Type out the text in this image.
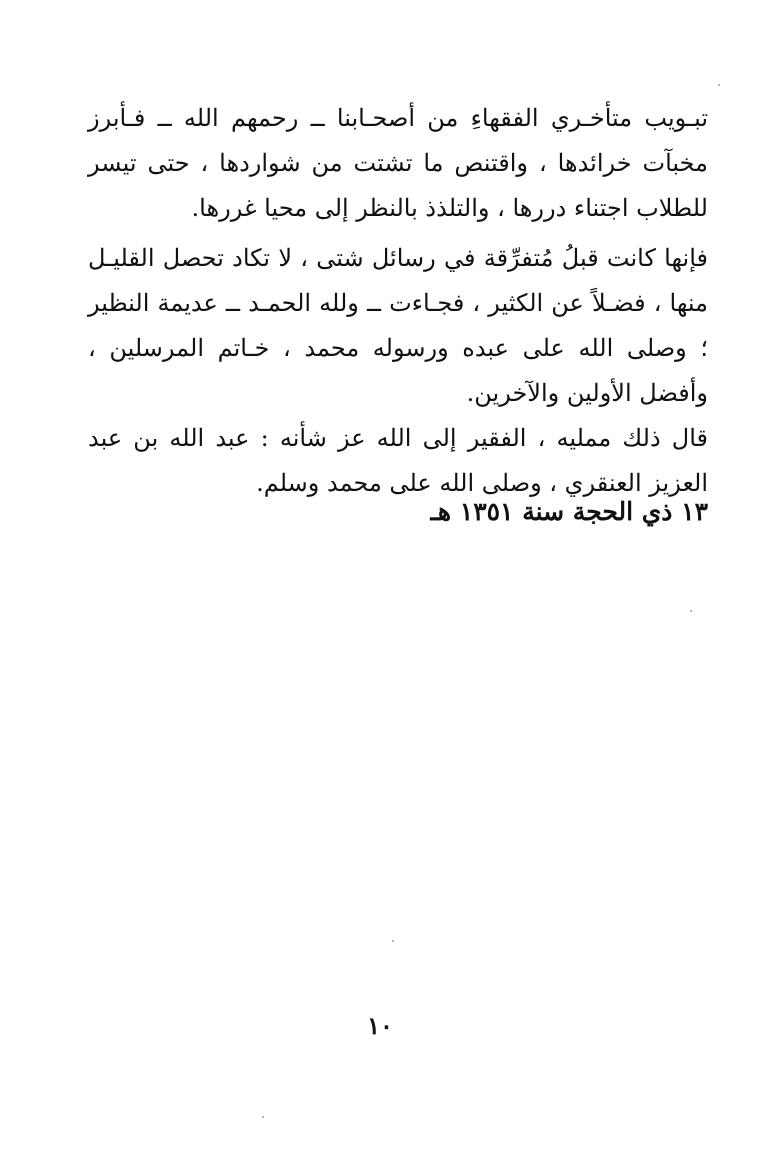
تبـويب متأخـري الفقهاءِ من أصحـابنا ــ رحمهم الله ــ فـأبرز مخبآت خرائدها ، واقتنص ما تشتت من شواردها ، حتى تيسر للطلاب اجتناء دررها ، والتلذذ بالنظر إلى محيا غررها.

فإنها كانت قبلُ مُتفرِّقة في رسائل شتى ، لا تكاد تحصل القليـل منها ، فضـلاً عن الكثير ، فجـاءت ــ ولله الحمـد ــ عديمة النظير ؛ وصلى الله على عبده ورسوله محمد ، خـاتم المرسلين ، وأفضل الأولين والآخرين.

قال ذلك ممليه ، الفقير إلى الله عز شأنه : عبد الله بن عبد العزيز العنقري ، وصلى الله على محمد وسلم.

١٣ ذي الحجة سنة ١٣٥١ هـ
١٠
